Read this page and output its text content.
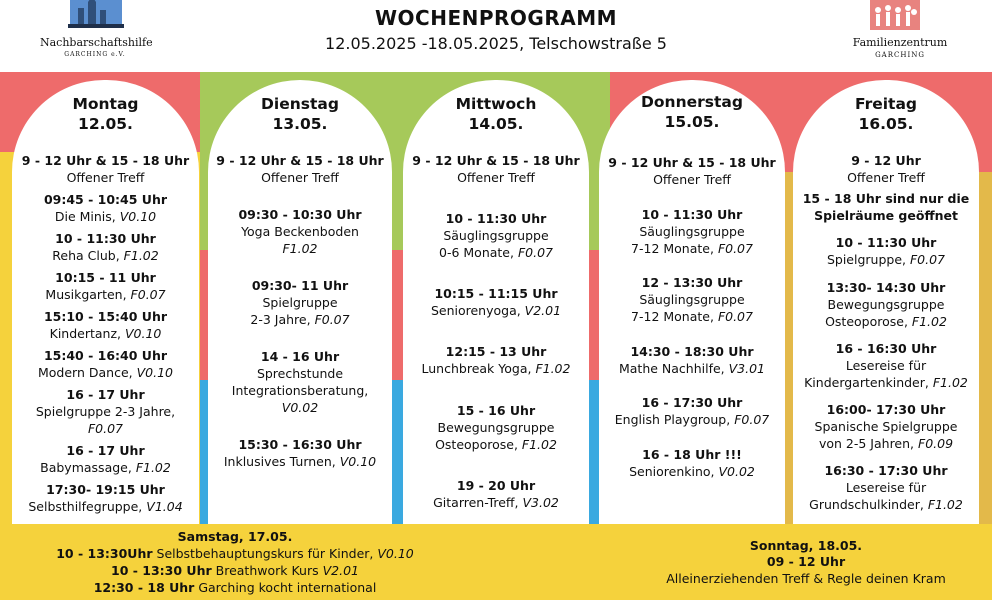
Nachbarschaftshilfe
GARCHING e.V.
WOCHENPROGRAMM
12.05.2025 -18.05.2025, Telschowstraße 5	Familienzentrum
GARCHING
Montag
12.05.
9 - 12 Uhr & 15 - 18 Uhr
Offener Treff
09:45 - 10:45 Uhr
Die Minis, V0.10
10 - 11:30 Uhr
Reha Club, F1.02
10:15 - 11 Uhr
Musikgarten, F0.07
15:10 - 15:40 Uhr
Kindertanz, V0.10
15:40 - 16:40 Uhr
Modern Dance, V0.10
16 - 17 Uhr
Spielgruppe 2-3 Jahre,
F0.07
16 - 17 Uhr
Babymassage, F1.02
17:30- 19:15 Uhr
Selbsthilfegruppe, V1.04
Dienstag
13.05.
9 - 12 Uhr & 15 - 18 Uhr
Offener Treff
09:30 - 10:30 Uhr
Yoga Beckenboden
F1.02
09:30- 11 Uhr
Spielgruppe
2-3 Jahre, F0.07
14 - 16 Uhr
Sprechstunde
Integrationsberatung,
V0.02
15:30 - 16:30 Uhr
Inklusives Turnen, V0.10
Mittwoch
14.05.
9 - 12 Uhr & 15 - 18 Uhr
Offener Treff
10 - 11:30 Uhr
Säuglingsgruppe
0-6 Monate, F0.07
10:15 - 11:15 Uhr
Seniorenyoga, V2.01
12:15 - 13 Uhr
Lunchbreak Yoga, F1.02
15 - 16 Uhr
Bewegungsgruppe
Osteoporose, F1.02
19 - 20 Uhr
Gitarren-Treff, V3.02
Donnerstag
15.05.
9 - 12 Uhr & 15 - 18 Uhr
Offener Treff
10 - 11:30 Uhr
Säuglingsgruppe
7-12 Monate, F0.07
12 - 13:30 Uhr
Säuglingsgruppe
7-12 Monate, F0.07
14:30 - 18:30 Uhr
Mathe Nachhilfe, V3.01
16 - 17:30 Uhr
English Playgroup, F0.07
16 - 18 Uhr !!!
Seniorenkino, V0.02
Freitag
16.05.
9 - 12 Uhr
Offener Treff
15 - 18 Uhr sind nur die Spielräume geöffnet
10 - 11:30 Uhr
Spielgruppe, F0.07
13:30- 14:30 Uhr
Bewegungsgruppe
Osteoporose, F1.02
16 - 16:30 Uhr
Lesereise für
Kindergartenkinder, F1.02
16:00- 17:30 Uhr
Spanische Spielgruppe
von 2-5 Jahren, F0.09
16:30 - 17:30 Uhr
Lesereise für
Grundschulkinder, F1.02
Samstag, 17.05.
10 - 13:30Uhr Selbstbehauptungskurs für Kinder, V0.10
10 - 13:30 Uhr Breathwork Kurs V2.01
12:30 - 18 Uhr Garching kocht international
Sonntag, 18.05.
09 - 12 Uhr
Alleinerziehenden Treff & Regle deinen Kram
